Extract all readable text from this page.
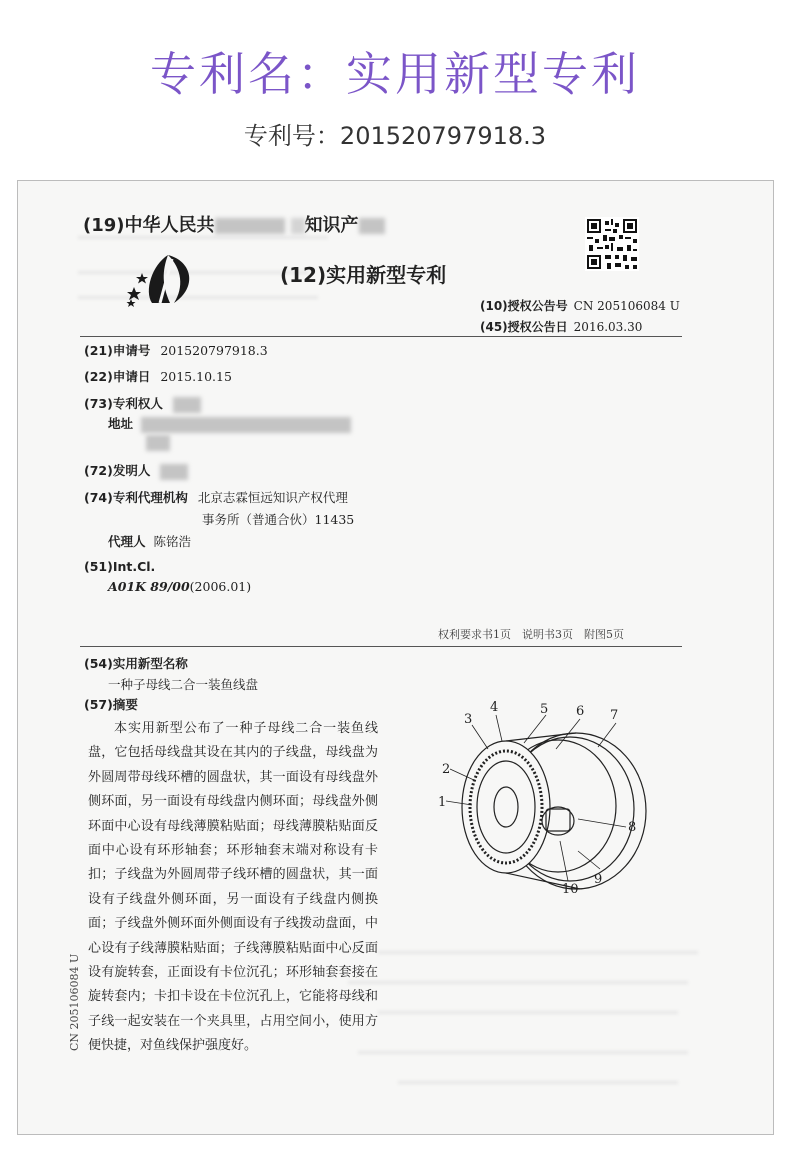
专利名：实用新型专利
专利号：201520797918.3
(19)中华人民共	知识产
(12)实用新型专利
(10)授权公告号 CN 205106084 U
(45)授权公告日 2016.03.30
(21)申请号 201520797918.3
(22)申请日 2015.10.15
(73)专利权人
地址
(72)发明人
(74)专利代理机构 北京志霖恒远知识产权代理
事务所（普通合伙）11435
代理人 陈铭浩
(51)Int.Cl.
A01K 89/00(2006.01)
权利要求书1页　说明书3页　附图5页
(54)实用新型名称
一种子母线二合一装鱼线盘
(57)摘要

本实用新型公布了一种子母线二合一装鱼线盘，它包括母线盘其设在其内的子线盘，母线盘为外圆周带母线环槽的圆盘状，其一面设有母线盘外侧环面，另一面设有母线盘内侧环面；母线盘外侧环面中心设有母线薄膜粘贴面；母线薄膜粘贴面反面中心设有环形轴套；环形轴套末端对称设有卡扣；子线盘为外圆周带子线环槽的圆盘状，其一面设有子线盘外侧环面，另一面设有子线盘内侧换面；子线盘外侧环面外侧面设有子线拨动盘面，中心设有子线薄膜粘贴面；子线薄膜粘贴面中心反面设有旋转套，正面设有卡位沉孔；环形轴套套接在旋转套内；卡扣卡设在卡位沉孔上，它能将母线和子线一起安装在一个夹具里，占用空间小，使用方便快捷，对鱼线保护强度好。

1
2
3
4	5 6 7
8
9
10
CN 205106084 U
